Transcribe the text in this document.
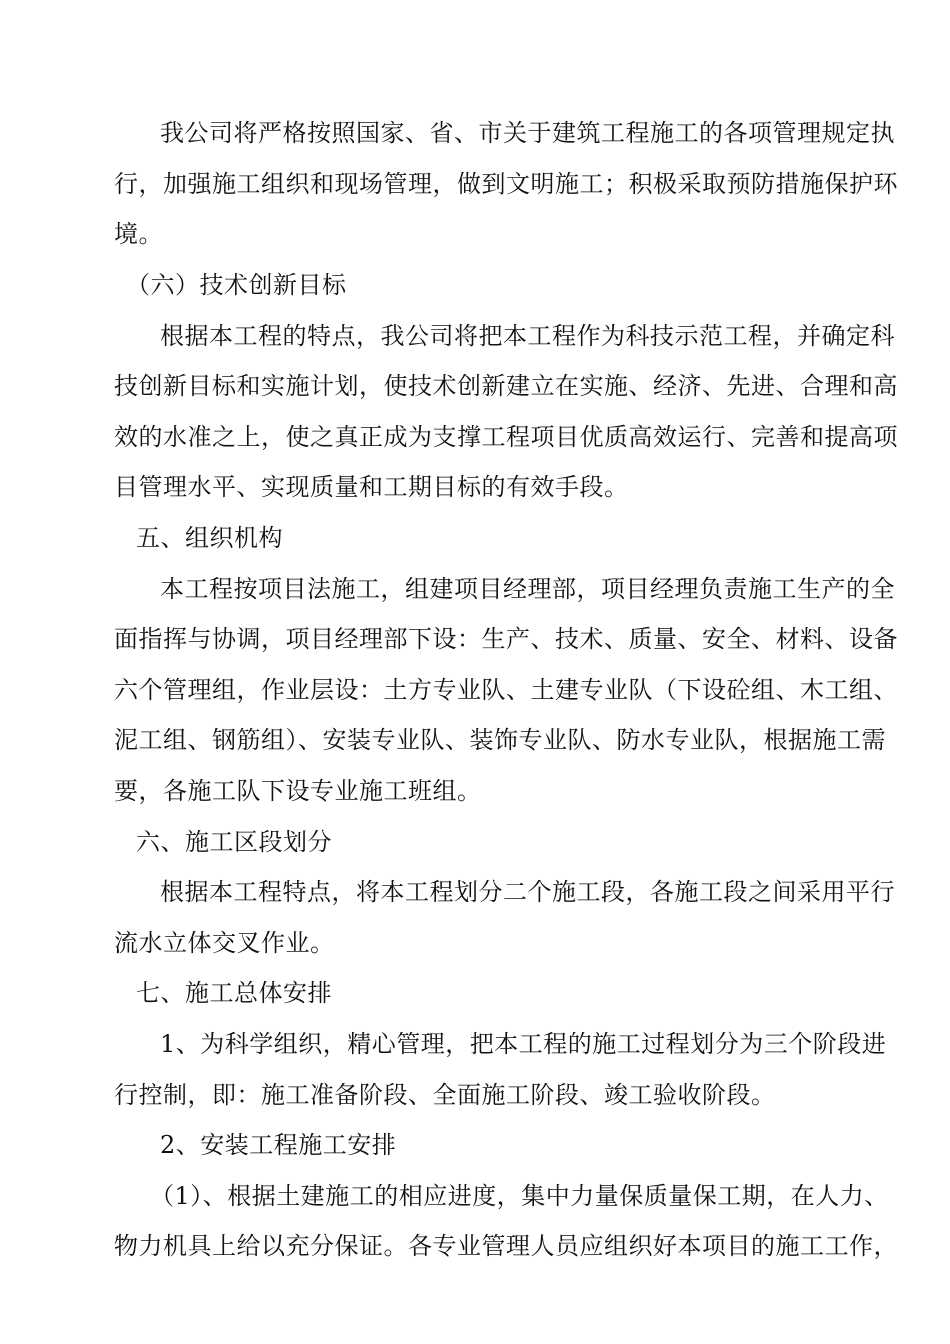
我公司将严格按照国家、省、市关于建筑工程施工的各项管理规定执
行，加强施工组织和现场管理，做到文明施工；积极采取预防措施保护环
境。
（六）技术创新目标
根据本工程的特点，我公司将把本工程作为科技示范工程，并确定科
技创新目标和实施计划，使技术创新建立在实施、经济、先进、合理和高
效的水准之上，使之真正成为支撑工程项目优质高效运行、完善和提高项
目管理水平、实现质量和工期目标的有效手段。
五、组织机构
本工程按项目法施工，组建项目经理部，项目经理负责施工生产的全
面指挥与协调，项目经理部下设：生产、技术、质量、安全、材料、设备
六个管理组，作业层设：土方专业队、土建专业队（下设砼组、木工组、
泥工组、钢筋组）、安装专业队、装饰专业队、防水专业队，根据施工需
要，各施工队下设专业施工班组。
六、施工区段划分
根据本工程特点，将本工程划分二个施工段，各施工段之间采用平行
流水立体交叉作业。
七、施工总体安排
1、为科学组织，精心管理，把本工程的施工过程划分为三个阶段进
行控制，即：施工准备阶段、全面施工阶段、竣工验收阶段。
2、安装工程施工安排
（1）、根据土建施工的相应进度，集中力量保质量保工期，在人力、
物力机具上给以充分保证。各专业管理人员应组织好本项目的施工工作，
